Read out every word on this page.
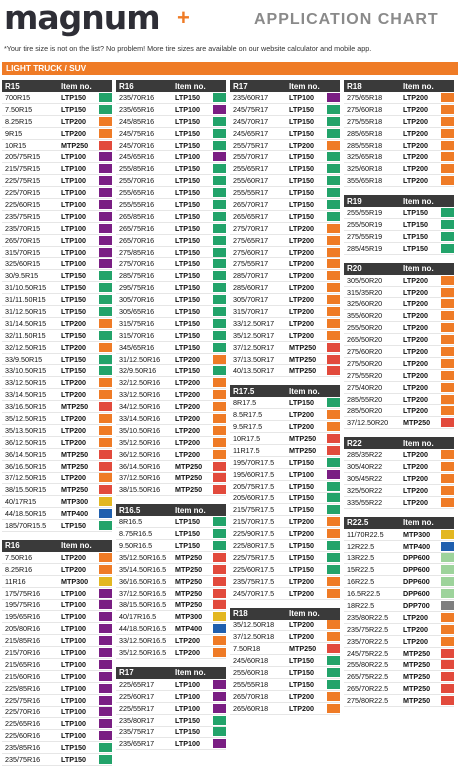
magnum +	APPLICATION CHART
*Your tire size is not on the list? No problem! More tire sizes are available on our website calculator and mobile app.
LIGHT TRUCK / SUV
R15	Item no.
700R15	LTP150
7.50R15	LTP150
8.25R15	LTP200
9R15	LTP200
10R15	MTP250
205/75R15	LTP100
215/75R15	LTP100
225/75R15	LTP100
225/70R15	LTP100
225/60R15	LTP100
235/75R15	LTP100
235/70R15	LTP100
265/70R15	LTP100
315/70R15	LTP100
325/60R15	LTP100
30/9.5R15	LTP150
31/10.50R15	LTP150
31/11.50R15	LTP150
31/12.50R15	LTP150
31/14.50R15	LTP200
32/11.50R15	LTP150
32/12.50R15	LTP200
33/9.50R15	LTP150
33/10.50R15	LTP150
33/12.50R15	LTP200
33/14.50R15	LTP200
33/16.50R15	MTP250
35/12.50R15	LTP200
35/13.50R15	LTP200
36/12.50R15	LTP200
36/14.50R15	MTP250
36/16.50R15	MTP250
37/12.50R15	LTP200
38/15.50R15	MTP250
40/17R15	MTP300
44/18.50R15	MTP400
185/70R15.5	LTP150
R16	Item no.
7.50R16	LTP200
8.25R16	LTP200
11R16	MTP300
175/75R16	LTP100
195/75R16	LTP100
195/65R16	LTP100
205/80R16	LTP100
215/85R16	LTP100
215/70R16	LTP100
215/65R16	LTP100
215/60R16	LTP100
225/85R16	LTP100
225/75R16	LTP100
225/70R16	LTP100
225/65R16	LTP100
225/60R16	LTP100
235/85R16	LTP150
235/75R16	LTP150
R16	Item no.
235/70R16	LTP150
235/65R16	LTP100
245/85R16	LTP150
245/75R16	LTP150
245/70R16	LTP150
245/65R16	LTP100
255/85R16	LTP150
255/70R16	LTP150
255/65R16	LTP150
255/55R16	LTP150
265/85R16	LTP150
265/75R16	LTP150
265/70R16	LTP150
275/85R16	LTP150
275/70R16	LTP150
285/75R16	LTP150
295/75R16	LTP150
305/70R16	LTP150
305/65R16	LTP150
315/75R16	LTP150
315/70R16	LTP150
345/65R16	LTP150
31/12.50R16	LTP200
32/9.50R16	LTP150
32/12.50R16	LTP200
33/12.50R16	LTP200
34/12.50R16	LTP200
33/14.50R16	LTP200
35/10.50R16	LTP200
35/12.50R16	LTP200
36/12.50R16	LTP200
36/14.50R16	MTP250
37/12.50R16	MTP250
38/15.50R16	MTP250
R16.5	Item no.
8R16.5	LTP150
8.75R16.5	LTP150
9.50R16.5	LTP150
35/12.50R16.5	MTP250
35/14.50R16.5	MTP250
36/16.50R16.5	MTP250
37/12.50R16.5	MTP250
38/15.50R16.5	MTP250
40/17R16.5	MTP300
44/18.50R16.5	MTP400
33/12.50R16.5	LTP200
35/12.50R16.5	LTP200
R17	Item no.
225/65R17	LTP100
225/60R17	LTP100
225/55R17	LTP100
235/80R17	LTP150
235/75R17	LTP150
235/65R17	LTP100
R17	Item no.
235/60R17	LTP100
245/75R17	LTP150
245/70R17	LTP150
245/65R17	LTP150
255/75R17	LTP200
255/70R17	LTP150
255/65R17	LTP150
255/60R17	LTP150
255/55R17	LTP150
265/70R17	LTP150
265/65R17	LTP150
275/70R17	LTP200
275/65R17	LTP200
275/60R17	LTP200
275/55R17	LTP200
285/70R17	LTP200
285/60R17	LTP200
305/70R17	LTP200
315/70R17	LTP200
33/12.50R17	LTP200
35/12.50R17	LTP200
37/12.50R17	MTP250
37/13.50R17	MTP250
40/13.50R17	MTP250
R17.5	Item no.
8R17.5	LTP150
8.5R17.5	LTP200
9.5R17.5	LTP200
10R17.5	MTP250
11R17.5	MTP250
195/70R17.5	LTP150
195/60R17.5	LTP100
205/75R17.5	LTP150
205/60R17.5	LTP150
215/75R17.5	LTP150
215/70R17.5	LTP200
225/90R17.5	LTP200
225/80R17.5	LTP150
225/75R17.5	LTP150
225/60R17.5	LTP150
235/75R17.5	LTP200
245/70R17.5	LTP200
R18	Item no.
35/12.50R18	LTP200
37/12.50R18	LTP200
7.50R18	MTP250
245/60R18	LTP150
255/60R18	LTP150
255/55R18	LTP150
265/70R18	LTP200
265/60R18	LTP200
R18	Item no.
275/65R18	LTP200
275/60R18	LTP200
275/55R18	LTP200
285/65R18	LTP200
285/55R18	LTP200
325/65R18	LTP200
325/60R18	LTP200
355/65R18	LTP200
R19	Item no.
255/55R19	LTP150
255/50R19	LTP150
275/55R19	LTP150
285/45R19	LTP150
R20	Item no.
305/50R20	LTP200
315/35R20	LTP200
325/60R20	LTP200
355/60R20	LTP200
255/50R20	LTP200
265/50R20	LTP200
275/60R20	LTP200
275/50R20	LTP200
275/55R20	LTP200
275/40R20	LTP200
285/55R20	LTP200
285/50R20	LTP200
37/12.50R20	MTP250
R22	Item no.
285/35R22	LTP200
305/40R22	LTP200
305/45R22	LTP200
325/50R22	LTP200
335/55R22	LTP200
R22.5	Item no.
11/70R22.5	MTP300
12R22.5	MTP400
13R22.5	DPP600
15R22.5	DPP600
16R22.5	DPP600
16.5R22.5	DPP600
18R22.5	DPP700
235/80R22.5	LTP200
235/75R22.5	LTP200
235/70R22.5	LTP200
245/75R22.5	MTP250
255/80R22.5	MTP250
265/75R22.5	MTP250
265/70R22.5	MTP250
275/80R22.5	MTP250
